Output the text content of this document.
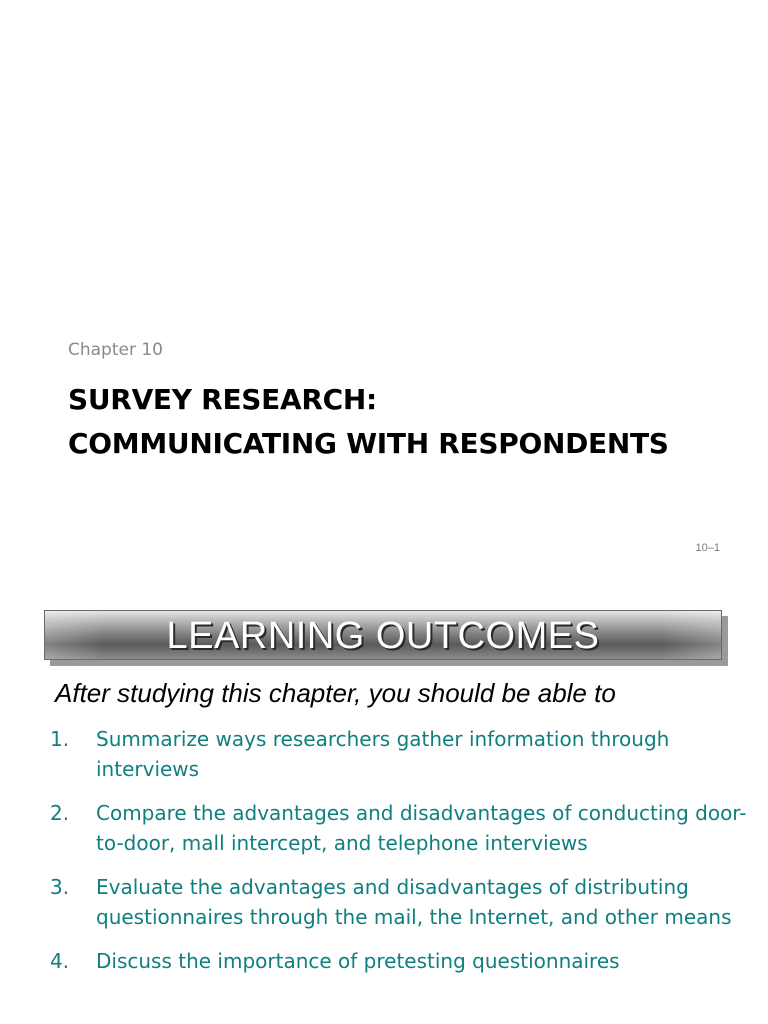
Chapter 10
SURVEY RESEARCH:
COMMUNICATING WITH RESPONDENTS
10–1
LEARNING OUTCOMES
After studying this chapter, you should be able to
1. Summarize ways researchers gather information through interviews
2. Compare the advantages and disadvantages of conducting door-to-door, mall intercept, and telephone interviews
3. Evaluate the advantages and disadvantages of distributing questionnaires through the mail, the Internet, and other means
4. Discuss the importance of pretesting questionnaires
